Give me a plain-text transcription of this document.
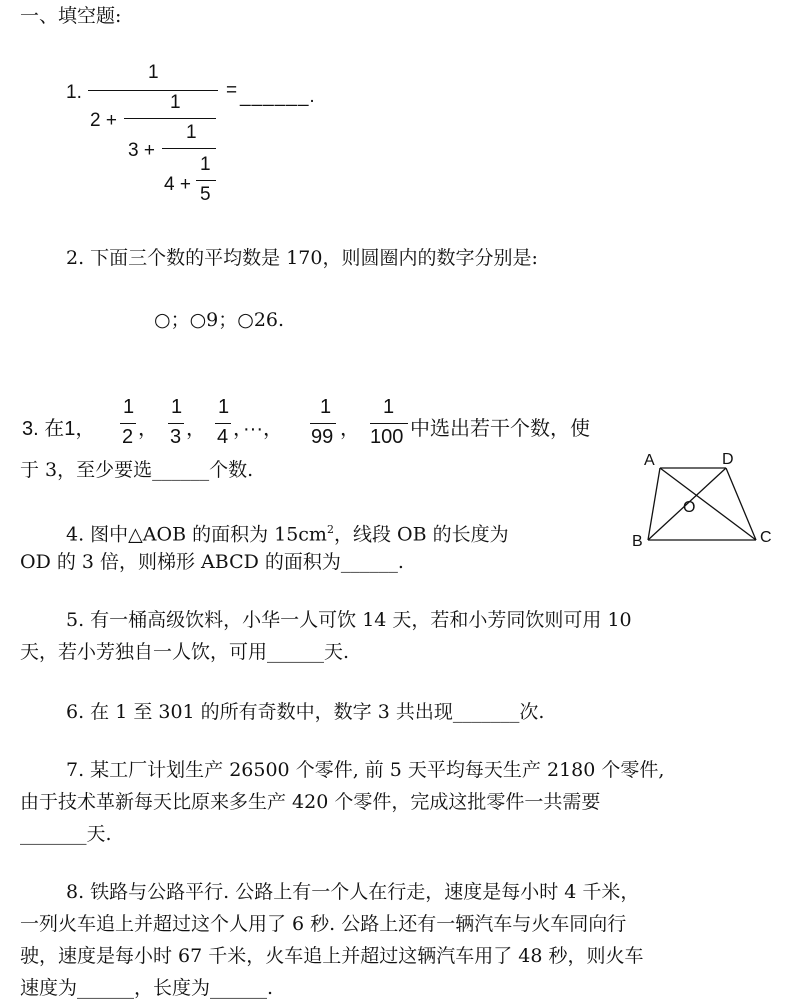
一、填空题:
1.
1
= ______.
2 +
1
3 +
1
4 +
1
5
2. 下面三个数的平均数是 170，则圆圈内的数字分别是:
○；○9；○26.
3. 在1，
1
2 ，
1
3 ，
1
4 ，···，
1
99 ，
1
100 中选出若干个数，使
于 3，至少要选______个数.	A	D
O
B	C
4. 图中△AOB 的面积为 $15cm^2$，线段 OB 的长度为
OD 的 3 倍，则梯形 ABCD 的面积为______.
5. 有一桶高级饮料，小华一人可饮 14 天，若和小芳同饮则可用 10
天，若小芳独自一人饮，可用______天.
6. 在 1 至 301 的所有奇数中，数字 3 共出现_______次.
7. 某工厂计划生产 26500 个零件, 前 5 天平均每天生产 2180 个零件,
由于技术革新每天比原来多生产 420 个零件，完成这批零件一共需要
_______天.
8. 铁路与公路平行. 公路上有一个人在行走，速度是每小时 4 千米，
一列火车追上并超过这个人用了 6 秒. 公路上还有一辆汽车与火车同向行
驶，速度是每小时 67 千米，火车追上并超过这辆汽车用了 48 秒，则火车
速度为______，长度为______.
